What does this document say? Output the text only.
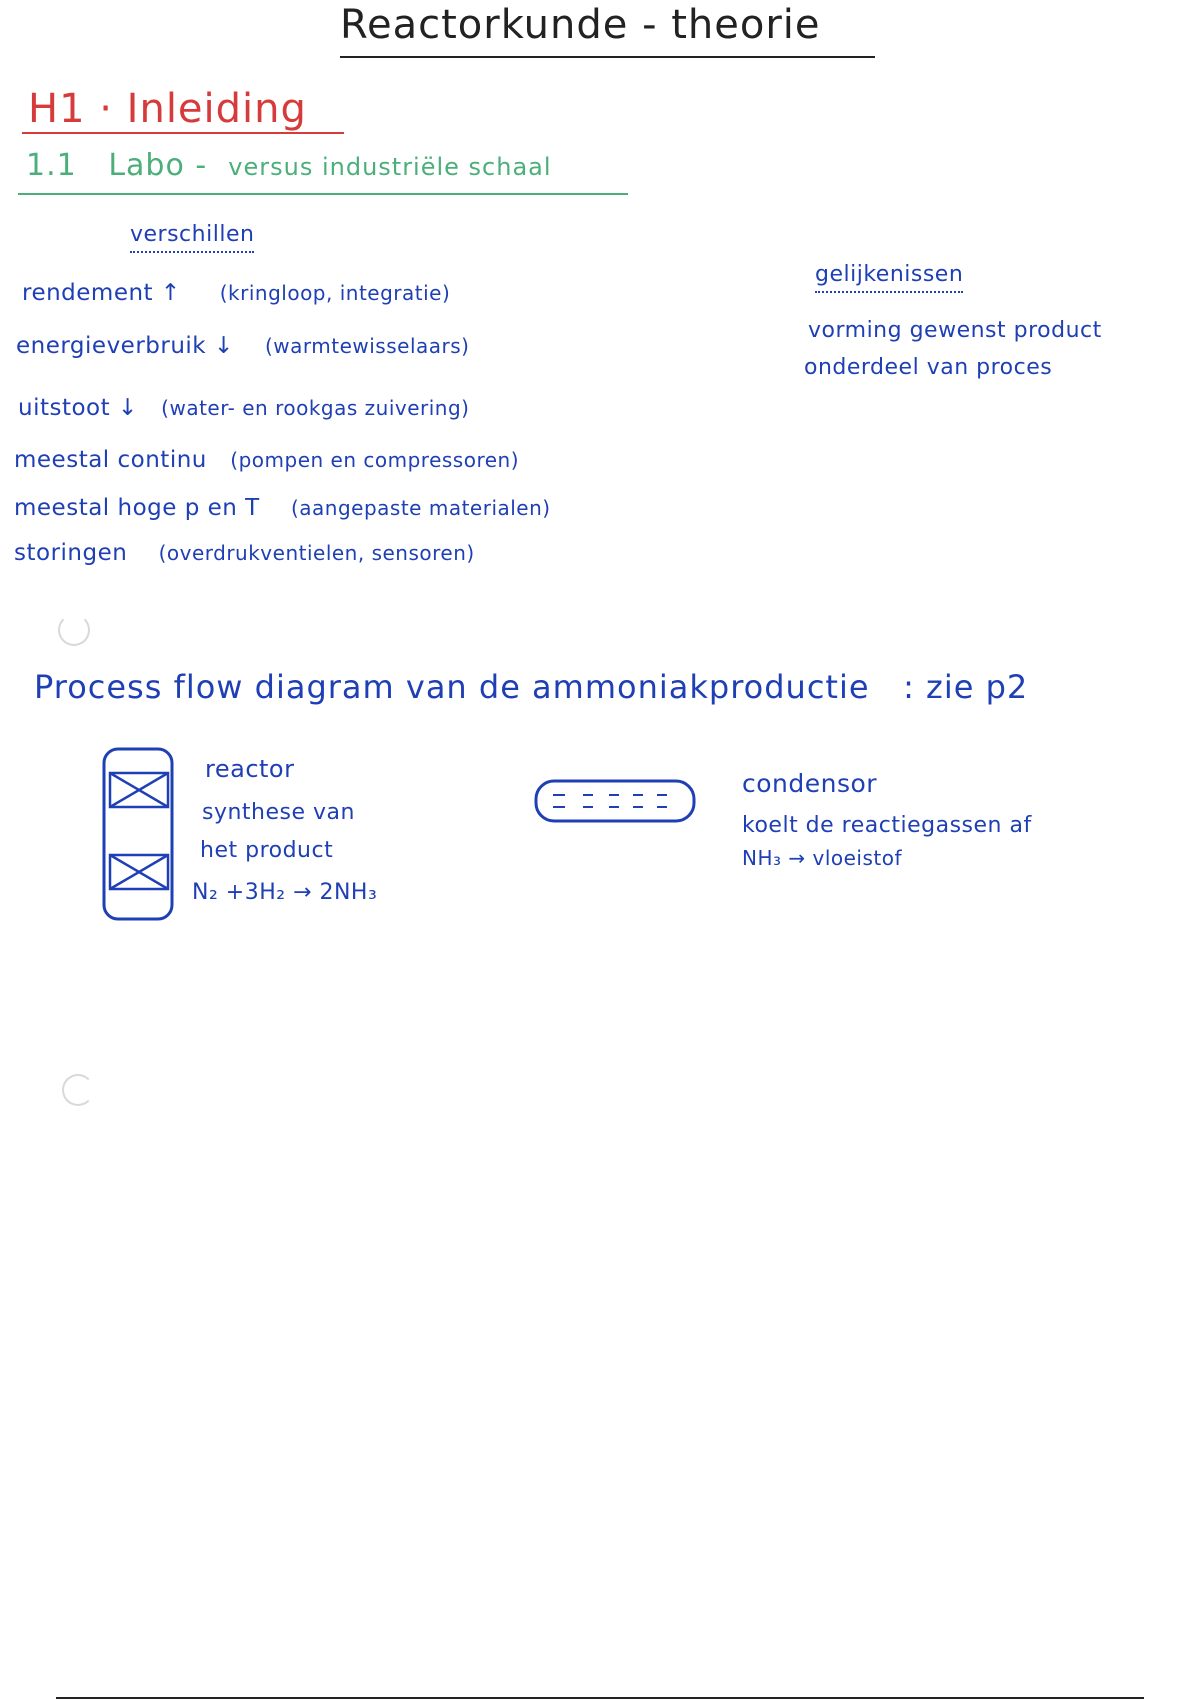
Reactorkunde - theorie
H1 · Inleiding
1.1 Labo - versus industriële schaal
verschillen
rendement ↑ (kringloop, integratie)
energieverbruik ↓ (warmtewisselaars)
uitstoot ↓ (water- en rookgas zuivering)
meestal continu (pompen en compressoren)
meestal hoge p en T (aangepaste materialen)
storingen (overdrukventielen, sensoren)
gelijkenissen
vorming gewenst product
onderdeel van proces
Process flow diagram van de ammoniakproductie : zie p2
reactor
synthese van
het product
N₂ +3H₂ → 2NH₃
condensor
koelt de reactiegassen af
NH₃ → vloeistof
